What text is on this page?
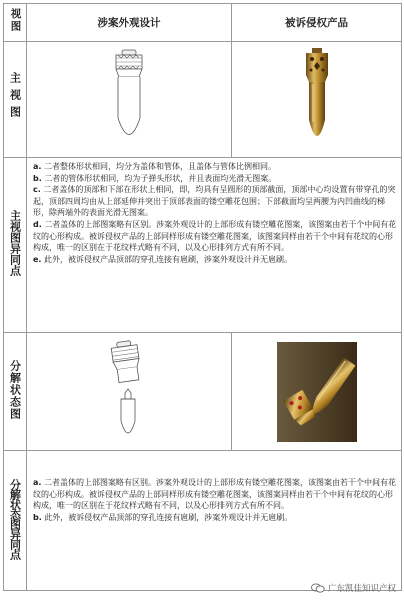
视图	涉案外观设计	被诉侵权产品
主视图	

主视图异同点	a. 二者整体形状相同，均分为盖体和管体，且盖体与管体比例相同。

b. 二者的管体形状相同，均为子弹头形状，并且表面均光滑无图案。

c. 二者盖体的顶部和下部在形状上相同，即，均具有呈圆形的顶部截面，顶部中心均设置有带穿孔的突起，顶部四周均由从上部延伸并突出于顶部表面的镂空雕花包围；下部截面均呈两腰为内凹曲线的梯形，除两端外的表面光滑无图案。

d. 二者盖体的上部图案略有区别。涉案外观设计的上部形成有镂空雕花图案，该图案由若干个中间有花纹的心形构成。被诉侵权产品的上部同样形成有镂空雕花图案，该图案同样由若干个中间有花纹的心形构成，唯一的区别在于花纹样式略有不同，以及心形排列方式有所不同。

e. 此外，被诉侵权产品顶部的穿孔连接有扈刷，涉案外观设计并无扈刷。	

分解状态图	

分解状态图异同点	a. 二者盖体的上部图案略有区别。涉案外观设计的上部形成有镂空雕花图案，该图案由若干个中间有花纹的心形构成。被诉侵权产品的上部同样形成有镂空雕花图案，该图案同样由若干个中间有花纹的心形构成，唯一的区别在于花纹样式略有不同，以及心形排列方式有所不同。

b. 此外，被诉侵权产品顶部的穿孔连接有扈刷，涉案外观设计并无扈刷。	

广东凯佳知识产权
